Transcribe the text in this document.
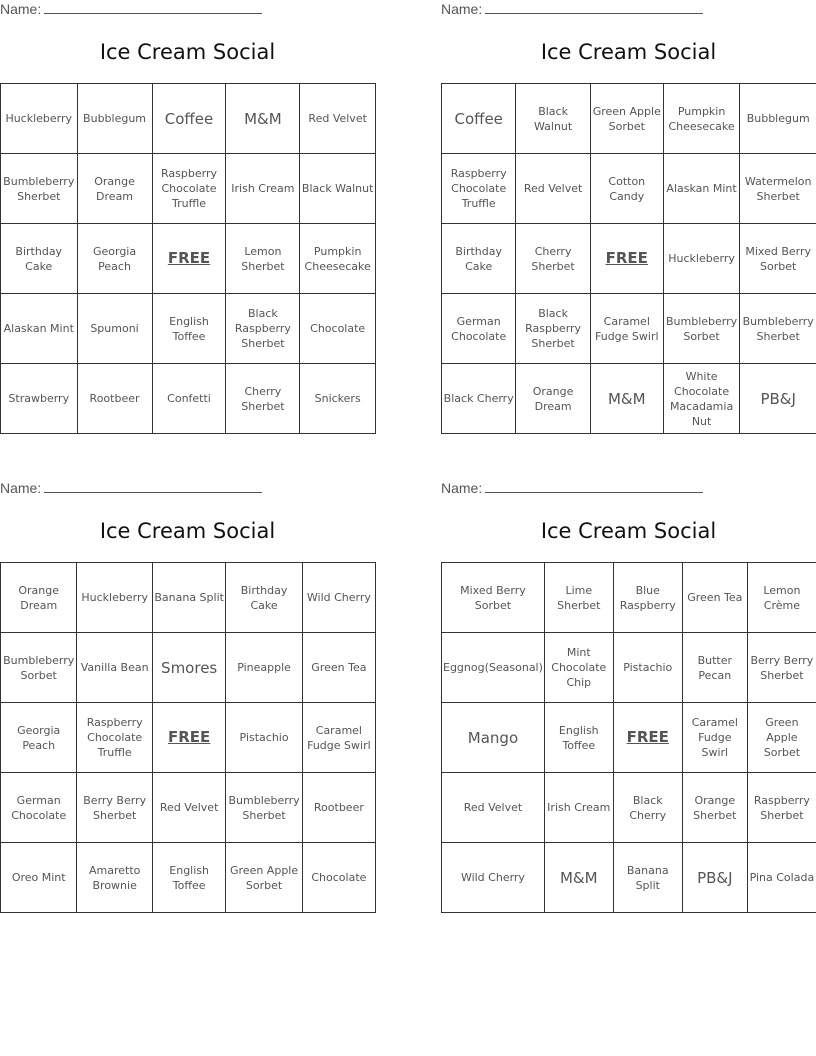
Name:
Ice Cream Social
Huckleberry	Bubblegum	Coffee	M&M	Red Velvet
Bumbleberry Sherbet	Orange Dream	Raspberry Chocolate Truffle	Irish Cream	Black Walnut
Birthday Cake	Georgia Peach	FREE	Lemon Sherbet	Pumpkin Cheesecake
Alaskan Mint	Spumoni	English Toffee	Black Raspberry Sherbet	Chocolate
Strawberry	Rootbeer	Confetti	Cherry Sherbet	Snickers
Name:
Ice Cream Social
Coffee	Black Walnut	Green Apple Sorbet	Pumpkin Cheesecake	Bubblegum
Raspberry Chocolate Truffle	Red Velvet	Cotton Candy	Alaskan Mint	Watermelon Sherbet
Birthday Cake	Cherry Sherbet	FREE	Huckleberry	Mixed Berry Sorbet
German Chocolate	Black Raspberry Sherbet	Caramel Fudge Swirl	Bumbleberry Sorbet	Bumbleberry Sherbet
Black Cherry	Orange Dream	M&M	White Chocolate Macadamia Nut	PB&J
Name:
Ice Cream Social
Orange Dream	Huckleberry	Banana Split	Birthday Cake	Wild Cherry
Bumbleberry Sorbet	Vanilla Bean	Smores	Pineapple	Green Tea
Georgia Peach	Raspberry Chocolate Truffle	FREE	Pistachio	Caramel Fudge Swirl
German Chocolate	Berry Berry Sherbet	Red Velvet	Bumbleberry Sherbet	Rootbeer
Oreo Mint	Amaretto Brownie	English Toffee	Green Apple Sorbet	Chocolate
Name:
Ice Cream Social
Mixed Berry Sorbet	Lime Sherbet	Blue Raspberry	Green Tea	Lemon Crème
Eggnog(Seasonal)	Mint Chocolate Chip	Pistachio	Butter Pecan	Berry Berry Sherbet
Mango	English Toffee	FREE	Caramel Fudge Swirl	Green Apple Sorbet
Red Velvet	Irish Cream	Black Cherry	Orange Sherbet	Raspberry Sherbet
Wild Cherry	M&M	Banana Split	PB&J	Pina Colada
